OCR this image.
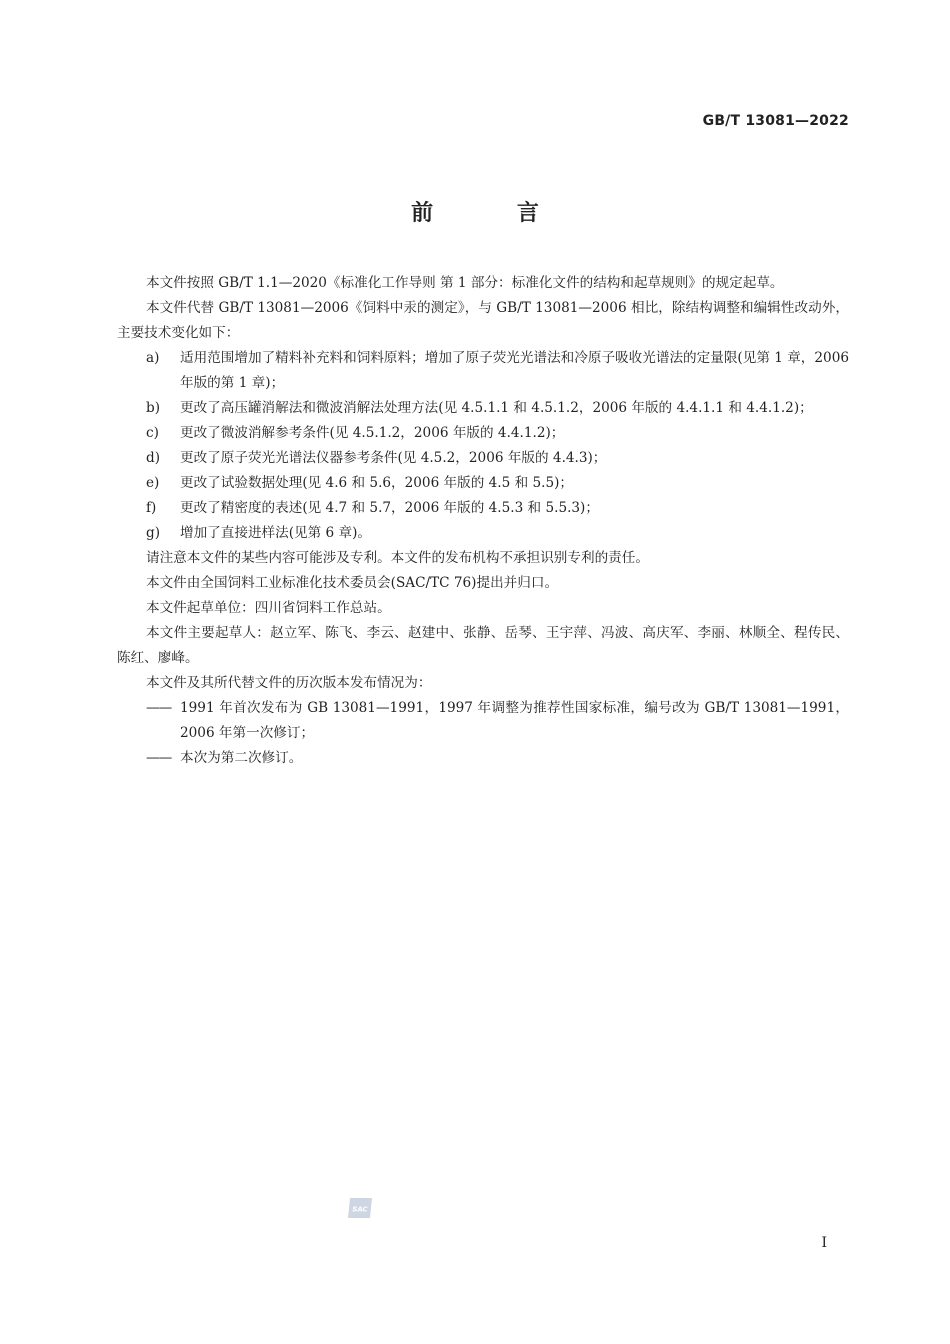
GB/T 13081—2022
前 言

本文件按照 GB/T 1.1—2020《标准化工作导则 第 1 部分：标准化文件的结构和起草规则》的规定起草。

本文件代替 GB/T 13081—2006《饲料中汞的测定》，与 GB/T 13081—2006 相比，除结构调整和编辑性改动外，主要技术变化如下：

a) 适用范围增加了精料补充料和饲料原料；增加了原子荧光光谱法和冷原子吸收光谱法的定量限(见第 1 章，2006 年版的第 1 章)；
b) 更改了高压罐消解法和微波消解法处理方法(见 4.5.1.1 和 4.5.1.2，2006 年版的 4.4.1.1 和 4.4.1.2)；
c) 更改了微波消解参考条件(见 4.5.1.2，2006 年版的 4.4.1.2)；
d) 更改了原子荧光光谱法仪器参考条件(见 4.5.2，2006 年版的 4.4.3)；
e) 更改了试验数据处理(见 4.6 和 5.6，2006 年版的 4.5 和 5.5)；
f) 更改了精密度的表述(见 4.7 和 5.7，2006 年版的 4.5.3 和 5.5.3)；
g) 增加了直接进样法(见第 6 章)。

请注意本文件的某些内容可能涉及专利。本文件的发布机构不承担识别专利的责任。

本文件由全国饲料工业标准化技术委员会(SAC/TC 76)提出并归口。

本文件起草单位：四川省饲料工作总站。

本文件主要起草人：赵立军、陈飞、李云、赵建中、张静、岳琴、王宇萍、冯波、高庆军、李丽、林顺全、程传民、陈红、廖峰。

本文件及其所代替文件的历次版本发布情况为：

—— 1991 年首次发布为 GB 13081—1991，1997 年调整为推荐性国家标准，编号改为 GB/T 13081—1991，2006 年第一次修订；
—— 本次为第二次修订。
SAC
I
